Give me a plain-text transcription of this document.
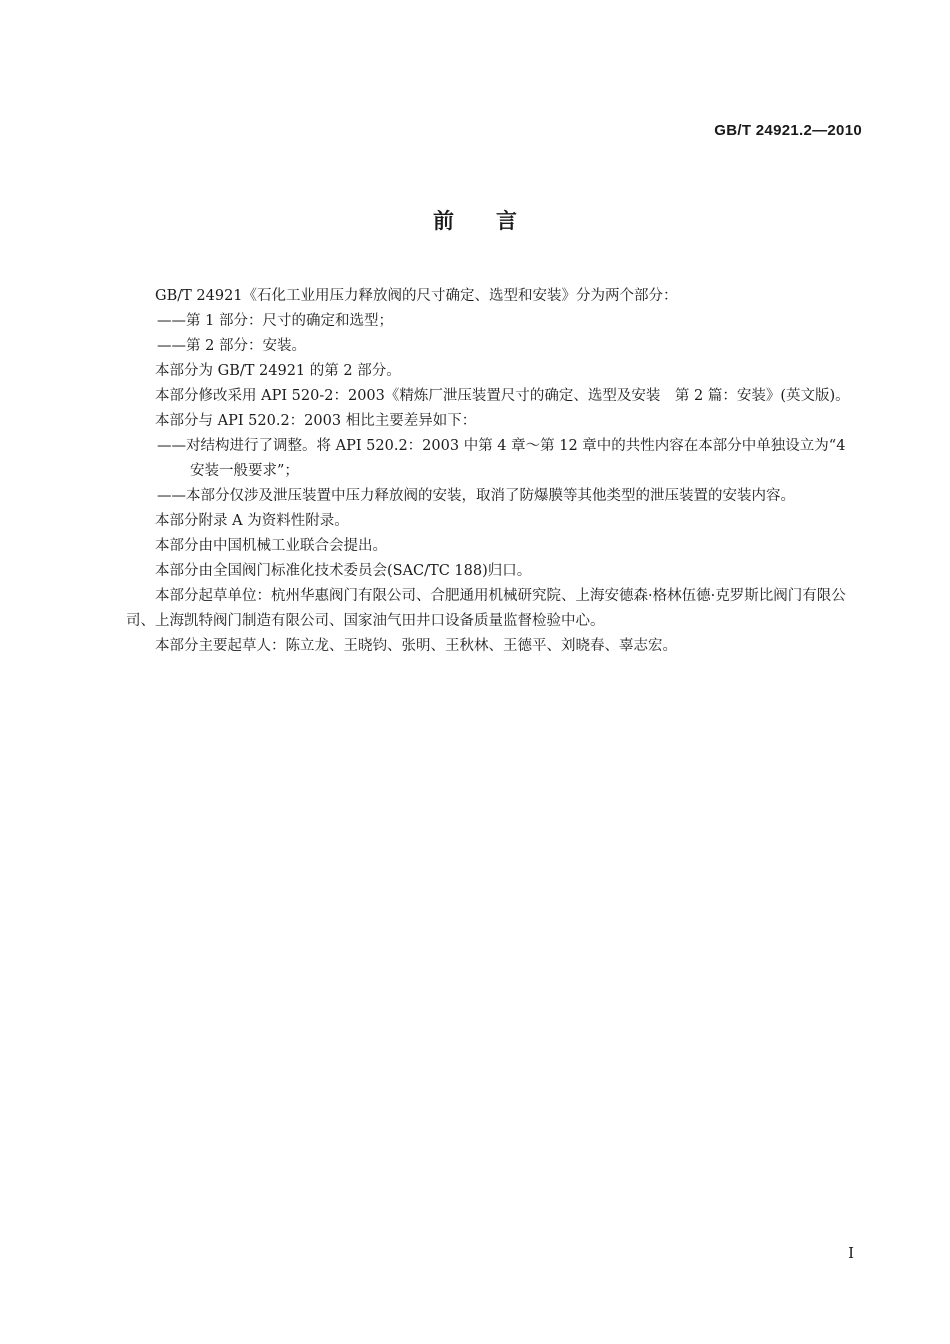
GB/T 24921.2—2010
前言

GB/T 24921《石化工业用压力释放阀的尺寸确定、选型和安装》分为两个部分：

——第 1 部分：尺寸的确定和选型；

——第 2 部分：安装。

本部分为 GB/T 24921 的第 2 部分。

本部分修改采用 API 520-2：2003《精炼厂泄压装置尺寸的确定、选型及安装　第 2 篇：安装》(英文版)。

本部分与 API 520.2：2003 相比主要差异如下：

——对结构进行了调整。将 API 520.2：2003 中第 4 章～第 12 章中的共性内容在本部分中单独设立为“4　安装一般要求”；

——本部分仅涉及泄压装置中压力释放阀的安装，取消了防爆膜等其他类型的泄压装置的安装内容。

本部分附录 A 为资料性附录。

本部分由中国机械工业联合会提出。

本部分由全国阀门标准化技术委员会(SAC/TC 188)归口。

本部分起草单位：杭州华惠阀门有限公司、合肥通用机械研究院、上海安德森·格林伍德·克罗斯比阀门有限公司、上海凯特阀门制造有限公司、国家油气田井口设备质量监督检验中心。

本部分主要起草人：陈立龙、王晓钧、张明、王秋林、王德平、刘晓春、辜志宏。

I
